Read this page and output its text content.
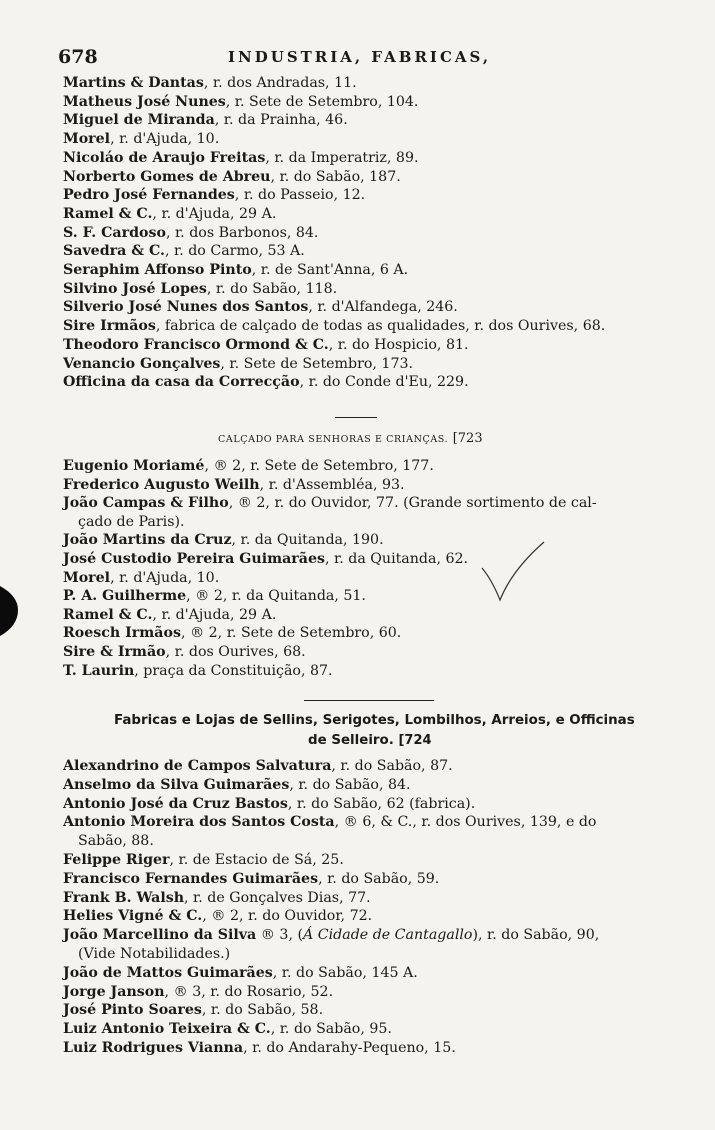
678	INDUSTRIA, FABRICAS,
Martins & Dantas, r. dos Andradas, 11.
Matheus José Nunes, r. Sete de Setembro, 104.
Miguel de Miranda, r. da Prainha, 46.
Morel, r. d'Ajuda, 10.
Nicoláo de Araujo Freitas, r. da Imperatriz, 89.
Norberto Gomes de Abreu, r. do Sabão, 187.
Pedro José Fernandes, r. do Passeio, 12.
Ramel & C., r. d'Ajuda, 29 A.
S. F. Cardoso, r. dos Barbonos, 84.
Savedra & C., r. do Carmo, 53 A.
Seraphim Affonso Pinto, r. de Sant'Anna, 6 A.
Silvino José Lopes, r. do Sabão, 118.
Silverio José Nunes dos Santos, r. d'Alfandega, 246.
Sire Irmãos, fabrica de calçado de todas as qualidades, r. dos Ourives, 68.
Theodoro Francisco Ormond & C., r. do Hospicio, 81.
Venancio Gonçalves, r. Sete de Setembro, 173.
Officina da casa da Correcção, r. do Conde d'Eu, 229.
CALÇADO PARA SENHORAS E CRIANÇAS. [723
Eugenio Moriamé, ® 2, r. Sete de Setembro, 177.
Frederico Augusto Weilh, r. d'Assembléa, 93.
João Campas & Filho, ® 2, r. do Ouvidor, 77. (Grande sortimento de cal-
çado de Paris).
João Martins da Cruz, r. da Quitanda, 190.
José Custodio Pereira Guimarães, r. da Quitanda, 62.
Morel, r. d'Ajuda, 10.
P. A. Guilherme, ® 2, r. da Quitanda, 51.
Ramel & C., r. d'Ajuda, 29 A.
Roesch Irmãos, ® 2, r. Sete de Setembro, 60.
Sire & Irmão, r. dos Ourives, 68.
T. Laurin, praça da Constituição, 87.
Fabricas e Lojas de Sellins, Serigotes, Lombilhos, Arreios, e Officinas
de Selleiro. [724
Alexandrino de Campos Salvatura, r. do Sabão, 87.
Anselmo da Silva Guimarães, r. do Sabão, 84.
Antonio José da Cruz Bastos, r. do Sabão, 62 (fabrica).
Antonio Moreira dos Santos Costa, ® 6, & C., r. dos Ourives, 139, e do
Sabão, 88.
Felippe Riger, r. de Estacio de Sá, 25.
Francisco Fernandes Guimarães, r. do Sabão, 59.
Frank B. Walsh, r. de Gonçalves Dias, 77.
Helies Vigné & C., ® 2, r. do Ouvidor, 72.
João Marcellino da Silva ® 3, (Á Cidade de Cantagallo), r. do Sabão, 90,
(Vide Notabilidades.)
João de Mattos Guimarães, r. do Sabão, 145 A.
Jorge Janson, ® 3, r. do Rosario, 52.
José Pinto Soares, r. do Sabão, 58.
Luiz Antonio Teixeira & C., r. do Sabão, 95.
Luiz Rodrigues Vianna, r. do Andarahy-Pequeno, 15.
